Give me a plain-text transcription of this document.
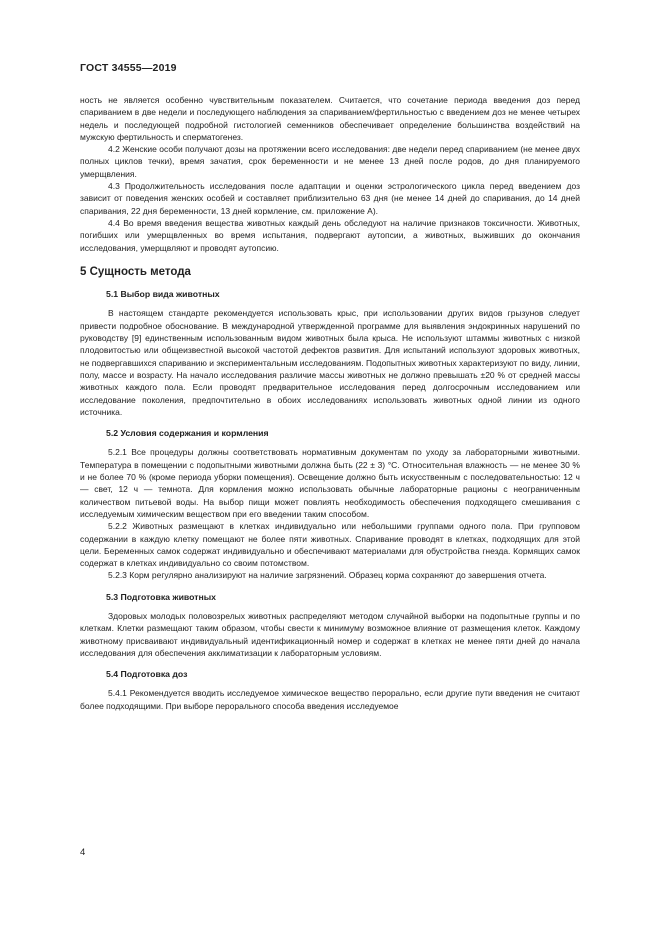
ГОСТ 34555—2019

ность не является особенно чувствительным показателем. Считается, что сочетание периода введения доз перед спариванием в две недели и последующего наблюдения за спариванием/фертильностью с введением доз не менее четырех недель и последующей подробной гистологией семенников обеспечивает определение большинства воздействий на мужскую фертильность и сперматогенез.

4.2 Женские особи получают дозы на протяжении всего исследования: две недели перед спариванием (не менее двух полных циклов течки), время зачатия, срок беременности и не менее 13 дней после родов, до дня планируемого умерщвления.

4.3 Продолжительность исследования после адаптации и оценки эстрологического цикла перед введением доз зависит от поведения женских особей и составляет приблизительно 63 дня (не менее 14 дней до спаривания, до 14 дней спаривания, 22 дня беременности, 13 дней кормление, см. приложение А).

4.4 Во время введения вещества животных каждый день обследуют на наличие признаков токсичности. Животных, погибших или умерщвленных во время испытания, подвергают аутопсии, а животных, выживших до окончания исследования, умерщвляют и проводят аутопсию.

5 Сущность метода
5.1 Выбор вида животных

В настоящем стандарте рекомендуется использовать крыс, при использовании других видов грызунов следует привести подробное обоснование. В международной утвержденной программе для выявления эндокринных нарушений по руководству [9] единственным использованным видом животных была крыса. Не используют штаммы животных с низкой плодовитостью или общеизвестной высокой частотой дефектов развития. Для испытаний используют здоровых животных, не подвергавшихся спариванию и экспериментальным исследованиям. Подопытных животных характеризуют по виду, линии, полу, массе и возрасту. На начало исследования различие массы животных не должно превышать ±20 % от средней массы животных каждого пола. Если проводят предварительное исследования перед долгосрочным исследованием или исследование поколения, предпочтительно в обоих исследованиях использовать животных одной линии из одного источника.

5.2 Условия содержания и кормления

5.2.1 Все процедуры должны соответствовать нормативным документам по уходу за лабораторными животными. Температура в помещении с подопытными животными должна быть (22 ± 3) °С. Относительная влажность — не менее 30 % и не более 70 % (кроме периода уборки помещения). Освещение должно быть искусственным с последовательностью: 12 ч — свет, 12 ч — темнота. Для кормления можно использовать обычные лабораторные рационы с неограниченным количеством питьевой воды. На выбор пищи может повлиять необходимость обеспечения подходящего смешивания с исследуемым химическим веществом при его введении таким способом.

5.2.2 Животных размещают в клетках индивидуально или небольшими группами одного пола. При групповом содержании в каждую клетку помещают не более пяти животных. Спаривание проводят в клетках, подходящих для этой цели. Беременных самок содержат индивидуально и обеспечивают материалами для обустройства гнезда. Кормящих самок содержат в клетках индивидуально со своим потомством.

5.2.3 Корм регулярно анализируют на наличие загрязнений. Образец корма сохраняют до завершения отчета.

5.3 Подготовка животных

Здоровых молодых половозрелых животных распределяют методом случайной выборки на подопытные группы и по клеткам. Клетки размещают таким образом, чтобы свести к минимуму возможное влияние от размещения клеток. Каждому животному присваивают индивидуальный идентификационный номер и содержат в клетках не менее пяти дней до начала исследования для обеспечения акклиматизации к лабораторным условиям.

5.4 Подготовка доз

5.4.1 Рекомендуется вводить исследуемое химическое вещество перорально, если другие пути введения не считают более подходящими. При выборе перорального способа введения исследуемое

4
